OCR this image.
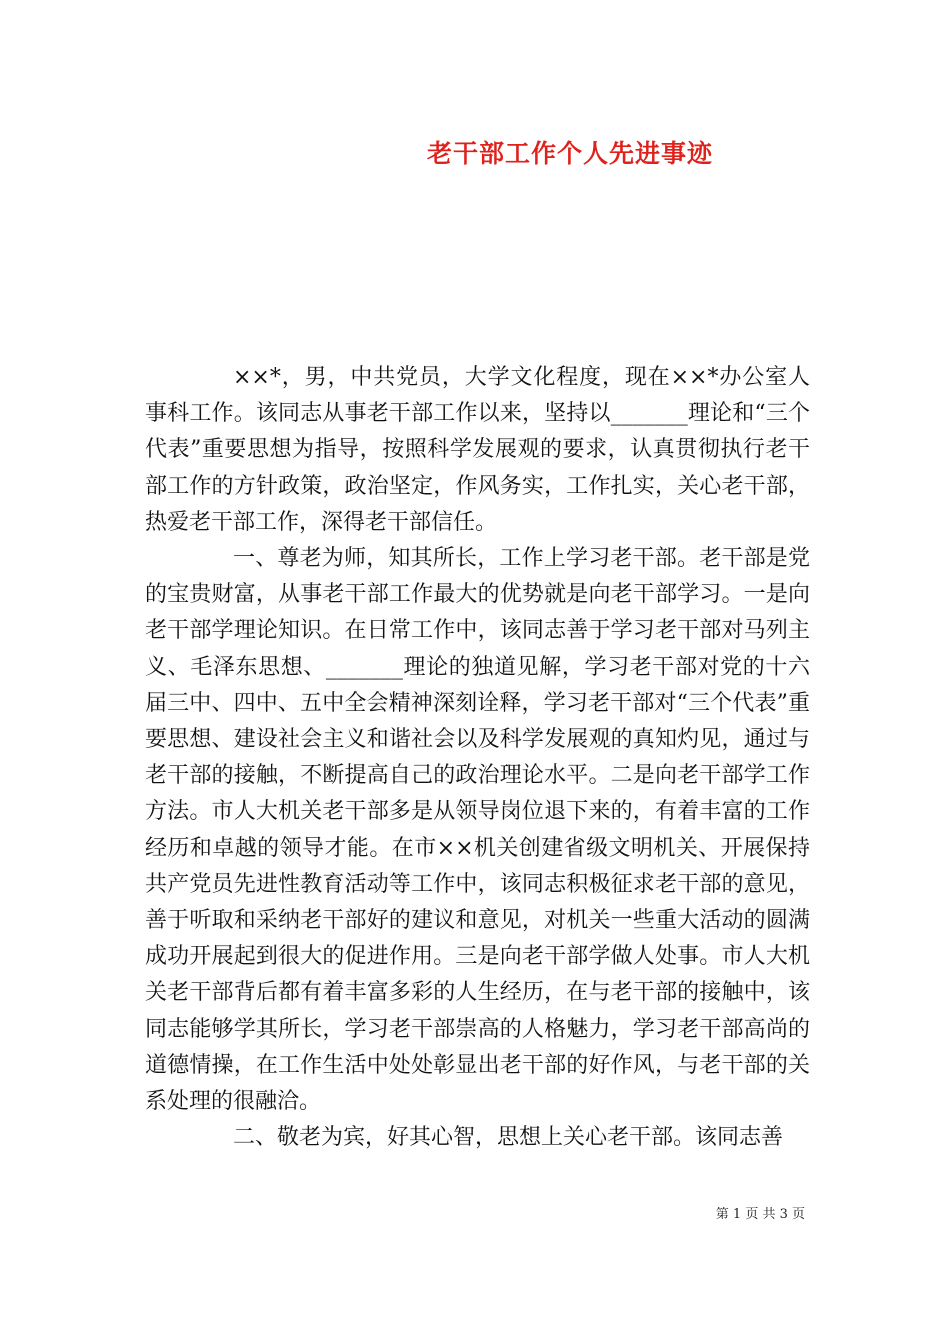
老干部工作个人先进事迹

××*，男，中共党员，大学文化程度，现在××*办公室人事科工作。该同志从事老干部工作以来，坚持以_______理论和“三个代表”重要思想为指导，按照科学发展观的要求，认真贯彻执行老干部工作的方针政策，政治坚定，作风务实，工作扎实，关心老干部，热爱老干部工作，深得老干部信任。

一、尊老为师，知其所长，工作上学习老干部。老干部是党的宝贵财富，从事老干部工作最大的优势就是向老干部学习。一是向老干部学理论知识。在日常工作中，该同志善于学习老干部对马列主义、毛泽东思想、_______理论的独道见解，学习老干部对党的十六届三中、四中、五中全会精神深刻诠释，学习老干部对“三个代表”重要思想、建设社会主义和谐社会以及科学发展观的真知灼见，通过与老干部的接触，不断提高自己的政治理论水平。二是向老干部学工作方法。市人大机关老干部多是从领导岗位退下来的，有着丰富的工作经历和卓越的领导才能。在市××机关创建省级文明机关、开展保持共产党员先进性教育活动等工作中，该同志积极征求老干部的意见，善于听取和采纳老干部好的建议和意见，对机关一些重大活动的圆满成功开展起到很大的促进作用。三是向老干部学做人处事。市人大机关老干部背后都有着丰富多彩的人生经历，在与老干部的接触中，该同志能够学其所长，学习老干部崇高的人格魅力，学习老干部高尚的道德情操，在工作生活中处处彰显出老干部的好作风，与老干部的关系处理的很融洽。

二、敬老为宾，好其心智，思想上关心老干部。该同志善

第 1 页 共 3 页
